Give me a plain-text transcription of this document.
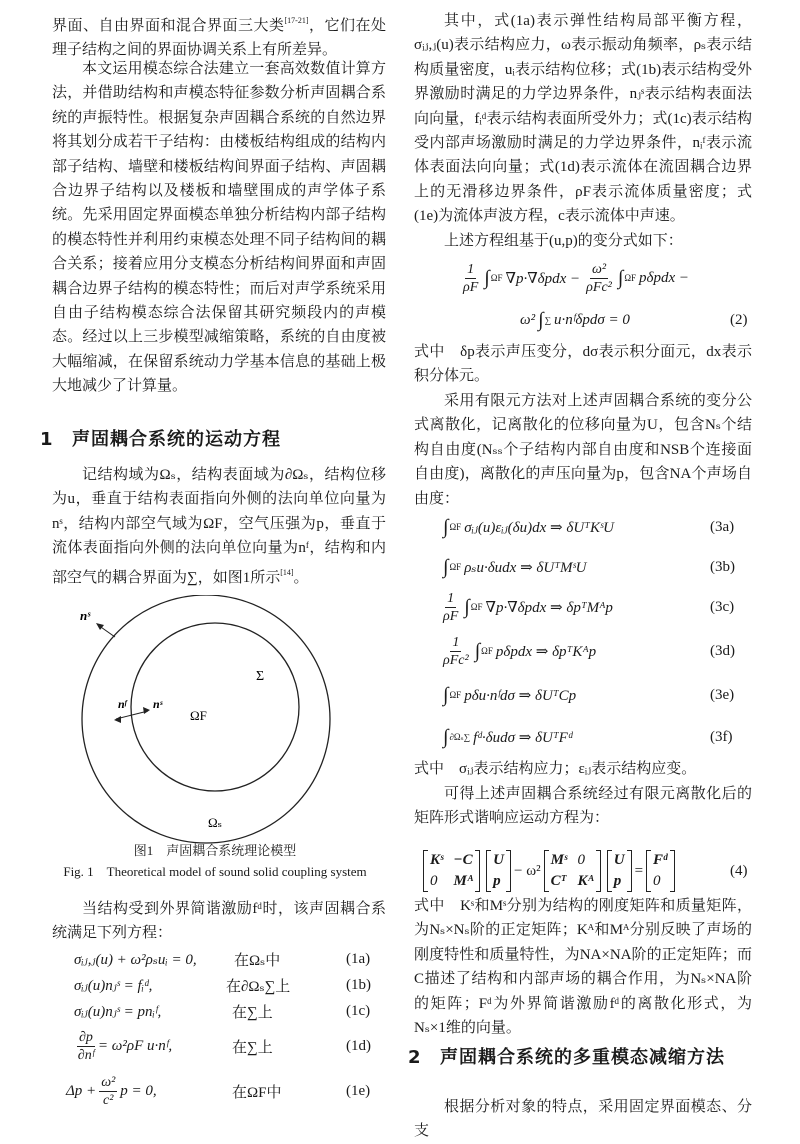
界面、自由界面和混合界面三大类[17-21]，它们在处理子结构之间的界面协调关系上有所差异。
本文运用模态综合法建立一套高效数值计算方法，并借助结构和声模态特征参数分析声固耦合系统的声振特性。根据复杂声固耦合系统的自然边界将其划分成若干子结构：由楼板结构组成的结构内部子结构、墙壁和楼板结构间界面子结构、声固耦合边界子结构以及楼板和墙壁围成的声学体子系统。先采用固定界面模态单独分析结构内部子结构的模态特性并利用约束模态处理不同子结构间的耦合关系；接着应用分支模态分析结构间界面和声固耦合边界子结构的模态特性；而后对声学系统采用自由子结构模态综合法保留其研究频段内的声模态。经过以上三步模型减缩策略，系统的自由度被大幅缩减，在保留系统动力学基本信息的基础上极大地减少了计算量。
1 声固耦合系统的运动方程
记结构域为Ωₛ，结构表面域为∂Ωₛ，结构位移为u，垂直于结构表面指向外侧的法向单位向量为nˢ，结构内部空气域为ΩF，空气压强为p，垂直于流体表面指向外侧的法向单位向量为nᶠ，结构和内部空气的耦合界面为∑，如图1所示[14]。
nˢ
nᶠ nˢ
ΩF
Σ
Ωₛ
图1　声固耦合系统理论模型
Fig. 1　Theoretical model of sound solid coupling system
当结构受到外界简谐激励fᵈ时，该声固耦合系统满足下列方程：
σᵢⱼ,ⱼ(u) + ω²ρₛuᵢ = 0, 在Ωₛ中	(1a)
σᵢⱼ(u)nⱼˢ = fᵢᵈ,	在∂Ωₛ∑上	(1b)
σᵢⱼ(u)nⱼˢ = pnᵢᶠ,	在∑上	(1c)
$\frac{\partial p}{\text{∂nᶠ}} = \omega^2\rho F$ u·nᶠ,	在∑上	(1d)
$\Delta p + \frac{\text{ω²}}{\text{c²}}$ p = 0,	在ΩF中	(1e)
其中，式(1a)表示弹性结构局部平衡方程，σᵢⱼ,ⱼ(u)表示结构应力，ω表示振动角频率，ρₛ表示结构质量密度，uᵢ表示结构位移；式(1b)表示结构受外界激励时满足的力学边界条件，nⱼˢ表示结构表面法向向量，fᵢᵈ表示结构表面所受外力；式(1c)表示结构受内部声场激励时满足的力学边界条件，nᵢᶠ表示流体表面法向向量；式(1d)表示流体在流固耦合边界上的无滑移边界条件，ρF表示流体质量密度；式(1e)为流体声波方程，c表示流体中声速。
上述方程组基于(u,p)的变分式如下：
$\frac{1}{\rho F}$ ∫ ΩF $\nabla p\cdot\nabla\delta pdx - \frac{\text{ω²}}{\text{ρFc²}}$ ∫ ΩF pδpdx −
ω² ∫ ∑ u·nᶠδpdσ = 0	(2)
式中　δp表示声压变分，dσ表示积分面元，dx表示积分体元。
采用有限元方法对上述声固耦合系统的变分公式离散化，记离散化的位移向量为U，包含Nₛ个结构自由度(Nₛₛ个子结构内部自由度和NSB个连接面自由度)，离散化的声压向量为p，包含NA个声场自由度：
∫ ΩF σᵢⱼ(u)εᵢⱼ(δu)dx ⇒ δUᵀKˢU	(3a)
∫ ΩF ρₛu·δudx ⇒ δUᵀMˢU	(3b)
$\frac{1}{\rho F}$ ∫ ΩF ∇p·∇δpdx ⇒ δpᵀMᴬp	(3c)
$\frac{1}{\text{ρFc²}}$ ∫ ΩF pδpdx ⇒ δpᵀKᴬp	(3d)
∫ ΩF pδu·nᶠdσ ⇒ δUᵀCp	(3e)
∫ ∂Ωₛ∑ fᵈ·δudσ ⇒ δUᵀFᵈ	(3f)
式中　σᵢⱼ表示结构应力；εᵢⱼ表示结构应变。
可得上述声固耦合系统经过有限元离散化后的矩阵形式谐响应运动方程为：
Kˢ −C
0	Mᴬ
U
p
− ω²
Mˢ 0
Cᵀ Kᴬ
U
p
=
Fᵈ
0
(4)
式中　Kˢ和Mˢ分别为结构的刚度矩阵和质量矩阵，为Nₛ×Nₛ阶的正定矩阵；Kᴬ和Mᴬ分别反映了声场的刚度特性和质量特性，为NA×NA阶的正定矩阵；而C描述了结构和内部声场的耦合作用，为Nₛ×NA阶的矩阵；Fᵈ为外界简谐激励fᵈ的离散化形式，为Nₛ×1维的向量。
2 声固耦合系统的多重模态减缩方法
根据分析对象的特点，采用固定界面模态、分支
